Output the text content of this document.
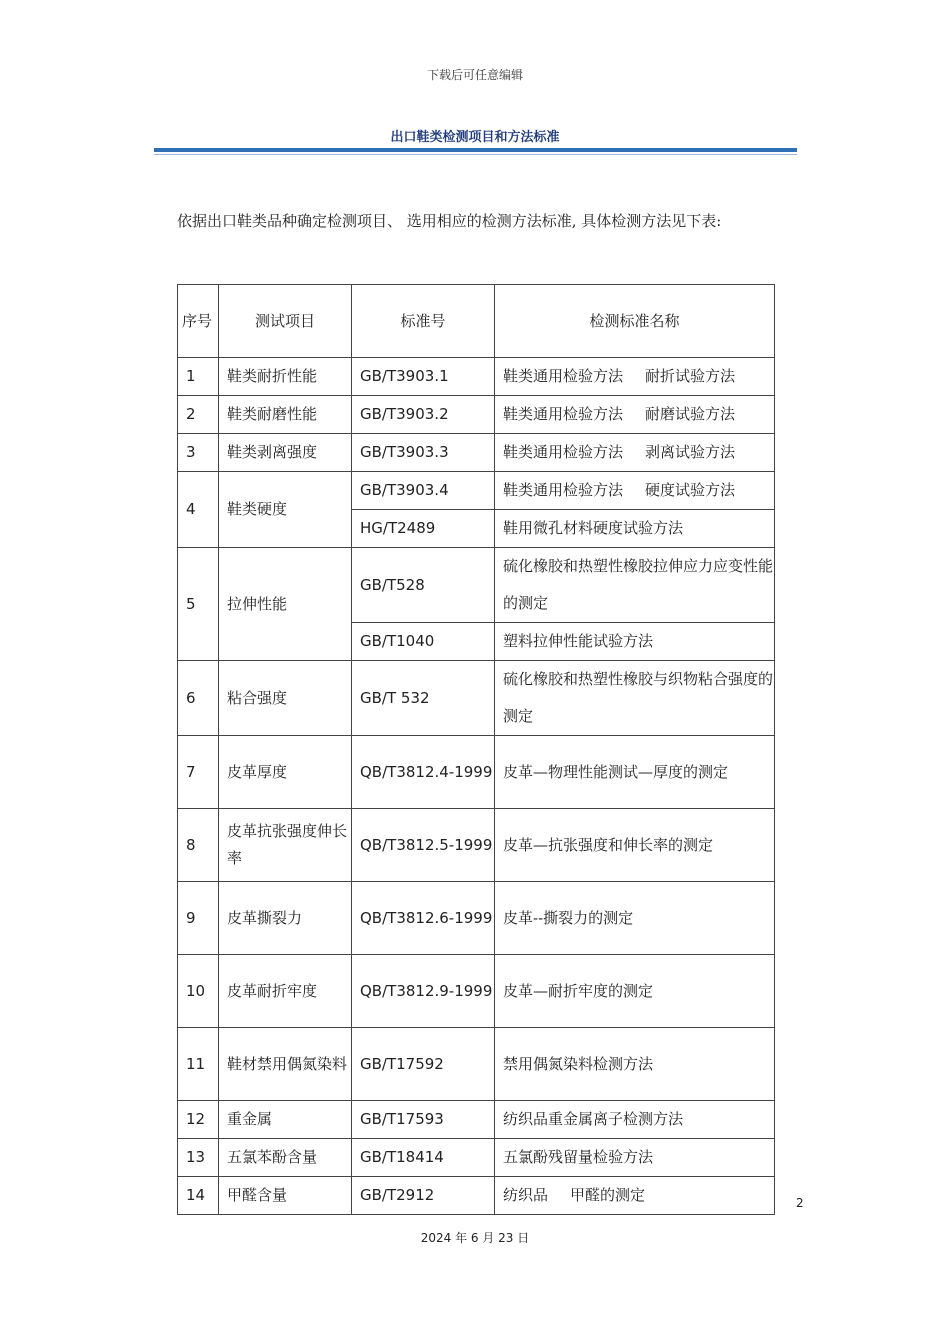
下载后可任意编辑
出口鞋类检测项目和方法标准
依据出口鞋类品种确定检测项目、 选用相应的检测方法标准, 具体检测方法见下表:
序号	测试项目	标准号	检测标准名称
1	鞋类耐折性能	GB/T3903.1	鞋类通用检验方法 耐折试验方法
2	鞋类耐磨性能	GB/T3903.2	鞋类通用检验方法 耐磨试验方法
3	鞋类剥离强度	GB/T3903.3	鞋类通用检验方法 剥离试验方法
4	鞋类硬度	GB/T3903.4	鞋类通用检验方法 硬度试验方法
		HG/T2489	鞋用微孔材料硬度试验方法
5	拉伸性能	GB/T528	硫化橡胶和热塑性橡胶拉伸应力应变性能的测定
		GB/T1040	塑料拉伸性能试验方法
6	粘合强度	GB/T 532	硫化橡胶和热塑性橡胶与织物粘合强度的测定
7	皮革厚度	QB/T3812.4-1999	皮革—物理性能测试—厚度的测定
8	皮革抗张强度伸长率	QB/T3812.5-1999	皮革—抗张强度和伸长率的测定
9	皮革撕裂力	QB/T3812.6-1999	皮革--撕裂力的测定
10	皮革耐折牢度	QB/T3812.9-1999	皮革—耐折牢度的测定
11	鞋材禁用偶氮染料	GB/T17592	禁用偶氮染料检测方法
12	重金属	GB/T17593	纺织品重金属离子检测方法
13	五氯苯酚含量	GB/T18414	五氯酚残留量检验方法
14	甲醛含量	GB/T2912	纺织品 甲醛的测定	2
2024 年 6 月 23 日
